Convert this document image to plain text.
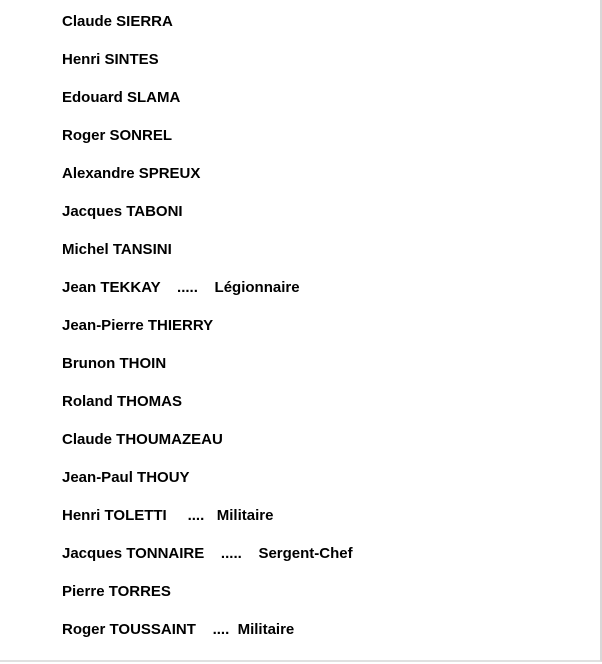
Claude SIERRA
Henri SINTES
Edouard SLAMA
Roger SONREL
Alexandre SPREUX
Jacques TABONI
Michel TANSINI
Jean TEKKAY    .....    Légionnaire
Jean-Pierre THIERRY
Brunon THOIN
Roland THOMAS
Claude THOUMAZEAU
Jean-Paul THOUY
Henri TOLETTI     ....   Militaire
Jacques TONNAIRE    .....    Sergent-Chef
Pierre TORRES
Roger TOUSSAINT    ....  Militaire
